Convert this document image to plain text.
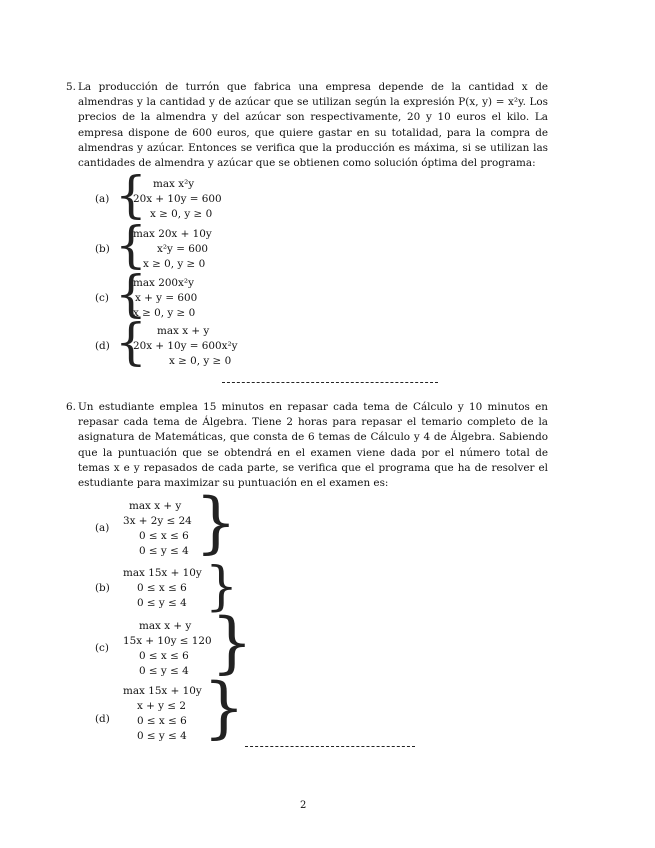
5. La producción de turrón que fabrica una empresa depende de la cantidad x de almendras y la cantidad y de azúcar que se utilizan según la expresión P(x, y) = x²y. Los precios de la almendra y del azúcar son respectivamente, 20 y 10 euros el kilo. La empresa dispone de 600 euros, que quiere gastar en su totalidad, para la compra de almendras y azúcar. Entonces se verifica que la producción es máxima, si se utilizan las cantidades de almendra y azúcar que se obtienen como solución óptima del programa:

(a) { max x²y
20x + 10y = 600
x ≥ 0, y ≥ 0
(b) {
max 20x + 10y
x²y = 600
x ≥ 0, y ≥ 0
(c) {
max 200x²y
x + y = 600
x ≥ 0, y ≥ 0
(d) { max x + y
20x + 10y = 600x²y
x ≥ 0, y ≥ 0
6. Un estudiante emplea 15 minutos en repasar cada tema de Cálculo y 10 minutos en repasar cada tema de Álgebra. Tiene 2 horas para repasar el temario completo de la asignatura de Matemáticas, que consta de 6 temas de Cálculo y 4 de Álgebra. Sabiendo que la puntuación que se obtendrá en el examen viene dada por el número total de temas x e y repasados de cada parte, se verifica que el programa que ha de resolver el estudiante para maximizar su puntuación en el examen es:

(a)
max x + y
3x + 2y ≤ 24
0 ≤ x ≤ 6
0 ≤ y ≤ 4 }
(b)
max 15x + 10y
0 ≤ x ≤ 6
0 ≤ y ≤ 4 }
(c)
max x + y
15x + 10y ≤ 120
0 ≤ x ≤ 6
0 ≤ y ≤ 4 }
(d)
max 15x + 10y
x + y ≤ 2
0 ≤ x ≤ 6
0 ≤ y ≤ 4 }
2
